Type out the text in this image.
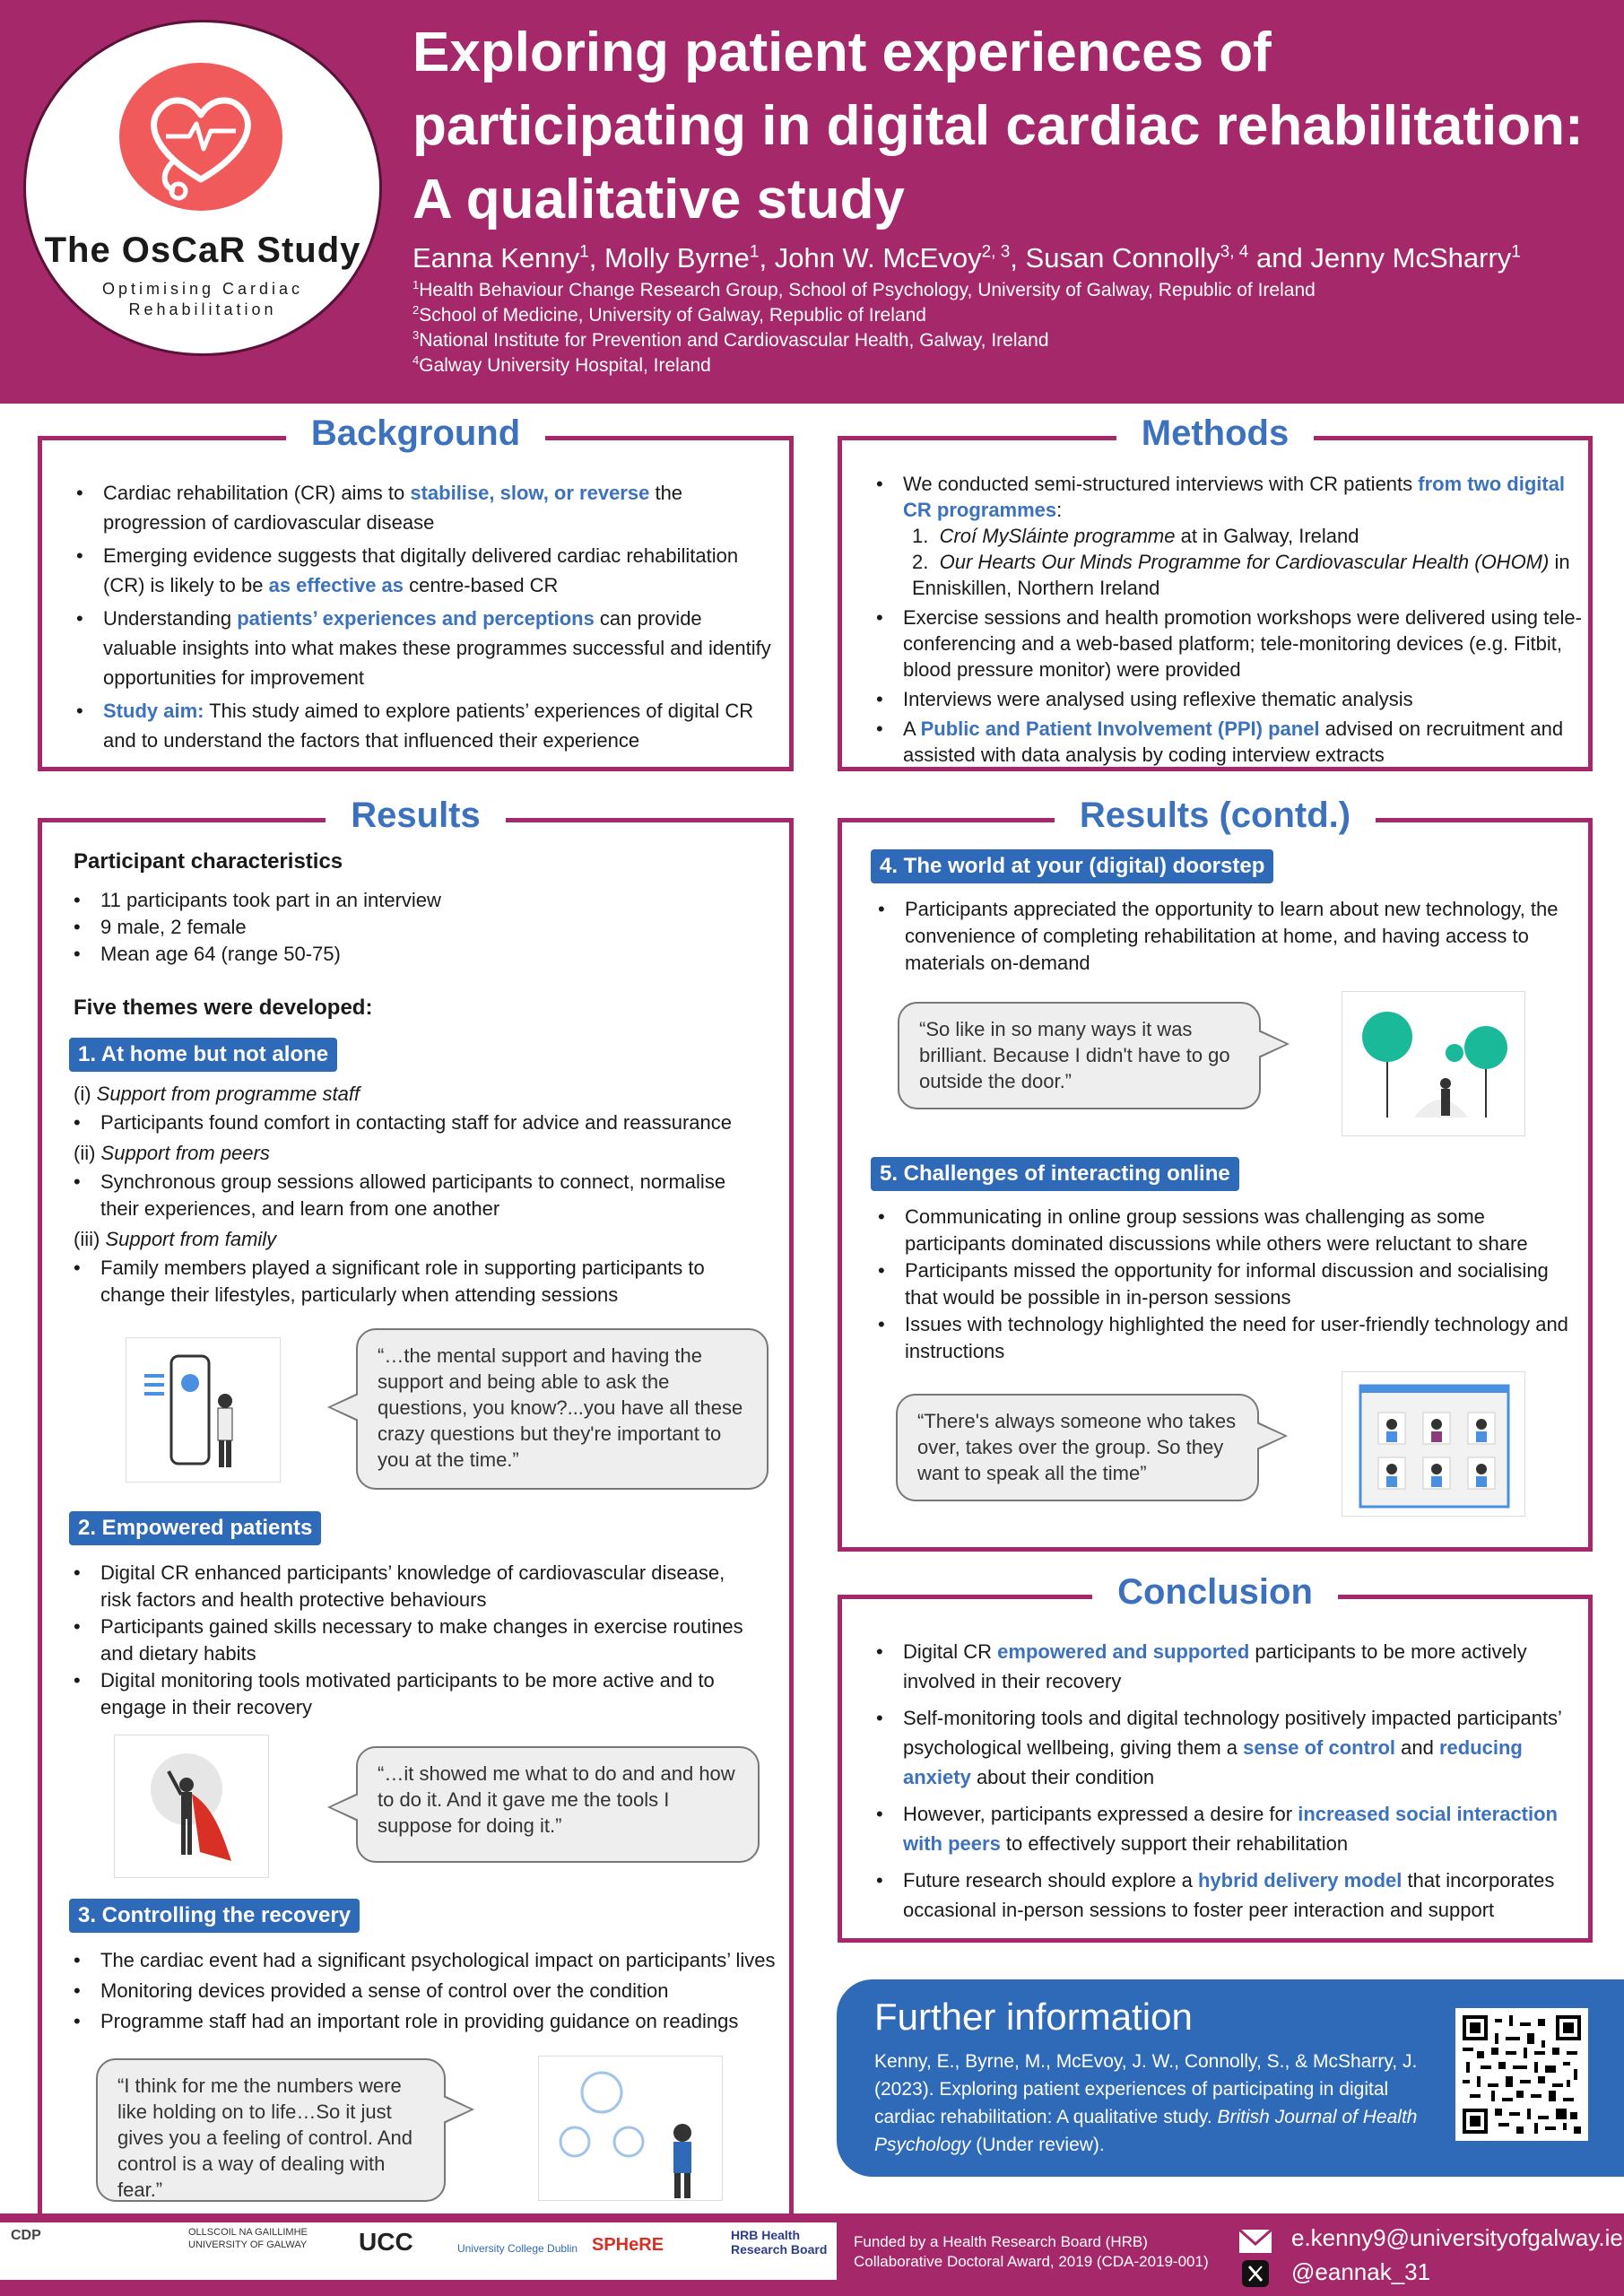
The OsCaR Study
Optimising Cardiac
Rehabilitation
Exploring patient experiences of participating in digital cardiac rehabilitation: A qualitative study
Eanna Kenny$^1$, Molly Byrne$^1$, John W. McEvoy$^{2, 3}$, Susan Connolly$^{3, 4}$ and Jenny McSharry$^1$
$^1$Health Behaviour Change Research Group, School of Psychology, University of Galway, Republic of Ireland
$^2$School of Medicine, University of Galway, Republic of Ireland
$^3$National Institute for Prevention and Cardiovascular Health, Galway, Ireland
$^4$Galway University Hospital, Ireland
Background
• Cardiac rehabilitation (CR) aims to stabilise, slow, or reverse the progression of cardiovascular disease
• Emerging evidence suggests that digitally delivered cardiac rehabilitation (CR) is likely to be as effective as centre-based CR
• Understanding patients’ experiences and perceptions can provide valuable insights into what makes these programmes successful and identify opportunities for improvement
• Study aim: This study aimed to explore patients’ experiences of digital CR and to understand the factors that influenced their experience
Methods
• We conducted semi-structured interviews with CR patients from two digital CR programmes:
1. Croí MySláinte programme at in Galway, Ireland
2. Our Hearts Our Minds Programme for Cardiovascular Health (OHOM) in Enniskillen, Northern Ireland
• Exercise sessions and health promotion workshops were delivered using tele-conferencing and a web-based platform; tele-monitoring devices (e.g. Fitbit, blood pressure monitor) were provided
• Interviews were analysed using reflexive thematic analysis
• A Public and Patient Involvement (PPI) panel advised on recruitment and assisted with data analysis by coding interview extracts
Results
Participant characteristics
• 11 participants took part in an interview
• 9 male, 2 female
• Mean age 64 (range 50-75)
Five themes were developed:
1. At home but not alone
(i) Support from programme staff
• Participants found comfort in contacting staff for advice and reassurance
(ii) Support from peers
• Synchronous group sessions allowed participants to connect, normalise their experiences, and learn from one another
(iii) Support from family
• Family members played a significant role in supporting participants to change their lifestyles, particularly when attending sessions
“…the mental support and having the support and being able to ask the questions, you know?...you have all these crazy questions but they're important to you at the time.”
2. Empowered patients
• Digital CR enhanced participants’ knowledge of cardiovascular disease, risk factors and health protective behaviours
• Participants gained skills necessary to make changes in exercise routines and dietary habits
• Digital monitoring tools motivated participants to be more active and to engage in their recovery
“…it showed me what to do and and how to do it. And it gave me the tools I suppose for doing it.”
3. Controlling the recovery
• The cardiac event had a significant psychological impact on participants’ lives
• Monitoring devices provided a sense of control over the condition
• Programme staff had an important role in providing guidance on readings
“I think for me the numbers were like holding on to life…So it just gives you a feeling of control. And control is a way of dealing with fear.”
Results (contd.)
4. The world at your (digital) doorstep
• Participants appreciated the opportunity to learn about new technology, the convenience of completing rehabilitation at home, and having access to materials on-demand
“So like in so many ways it was brilliant. Because I didn't have to go outside the door.”
5. Challenges of interacting online
• Communicating in online group sessions was challenging as some participants dominated discussions while others were reluctant to share
• Participants missed the opportunity for informal discussion and socialising that would be possible in in-person sessions
• Issues with technology highlighted the need for user-friendly technology and instructions
“There's always someone who takes over, takes over the group. So they want to speak all the time”
Conclusion
• Digital CR empowered and supported participants to be more actively involved in their recovery
• Self-monitoring tools and digital technology positively impacted participants’ psychological wellbeing, giving them a sense of control and reducing anxiety about their condition
• However, participants expressed a desire for increased social interaction with peers to effectively support their rehabilitation
• Future research should explore a hybrid delivery model that incorporates occasional in-person sessions to foster peer interaction and support
Further information
Kenny, E., Byrne, M., McEvoy, J. W., Connolly, S., & McSharry, J. (2023). Exploring patient experiences of participating in digital cardiac rehabilitation: A qualitative study. British Journal of Health Psychology (Under review).
CDP	OLLSCOIL NA GAILLIMHE UNIVERSITY OF GALWAY	UCC	University College Dublin SPHeRE	HRB Health Research Board Funded by a Health Research Board (HRB)
Collaborative Doctoral Award, 2019 (CDA-2019-001)
e.kenny9@universityofgalway.ie
@eannak_31
